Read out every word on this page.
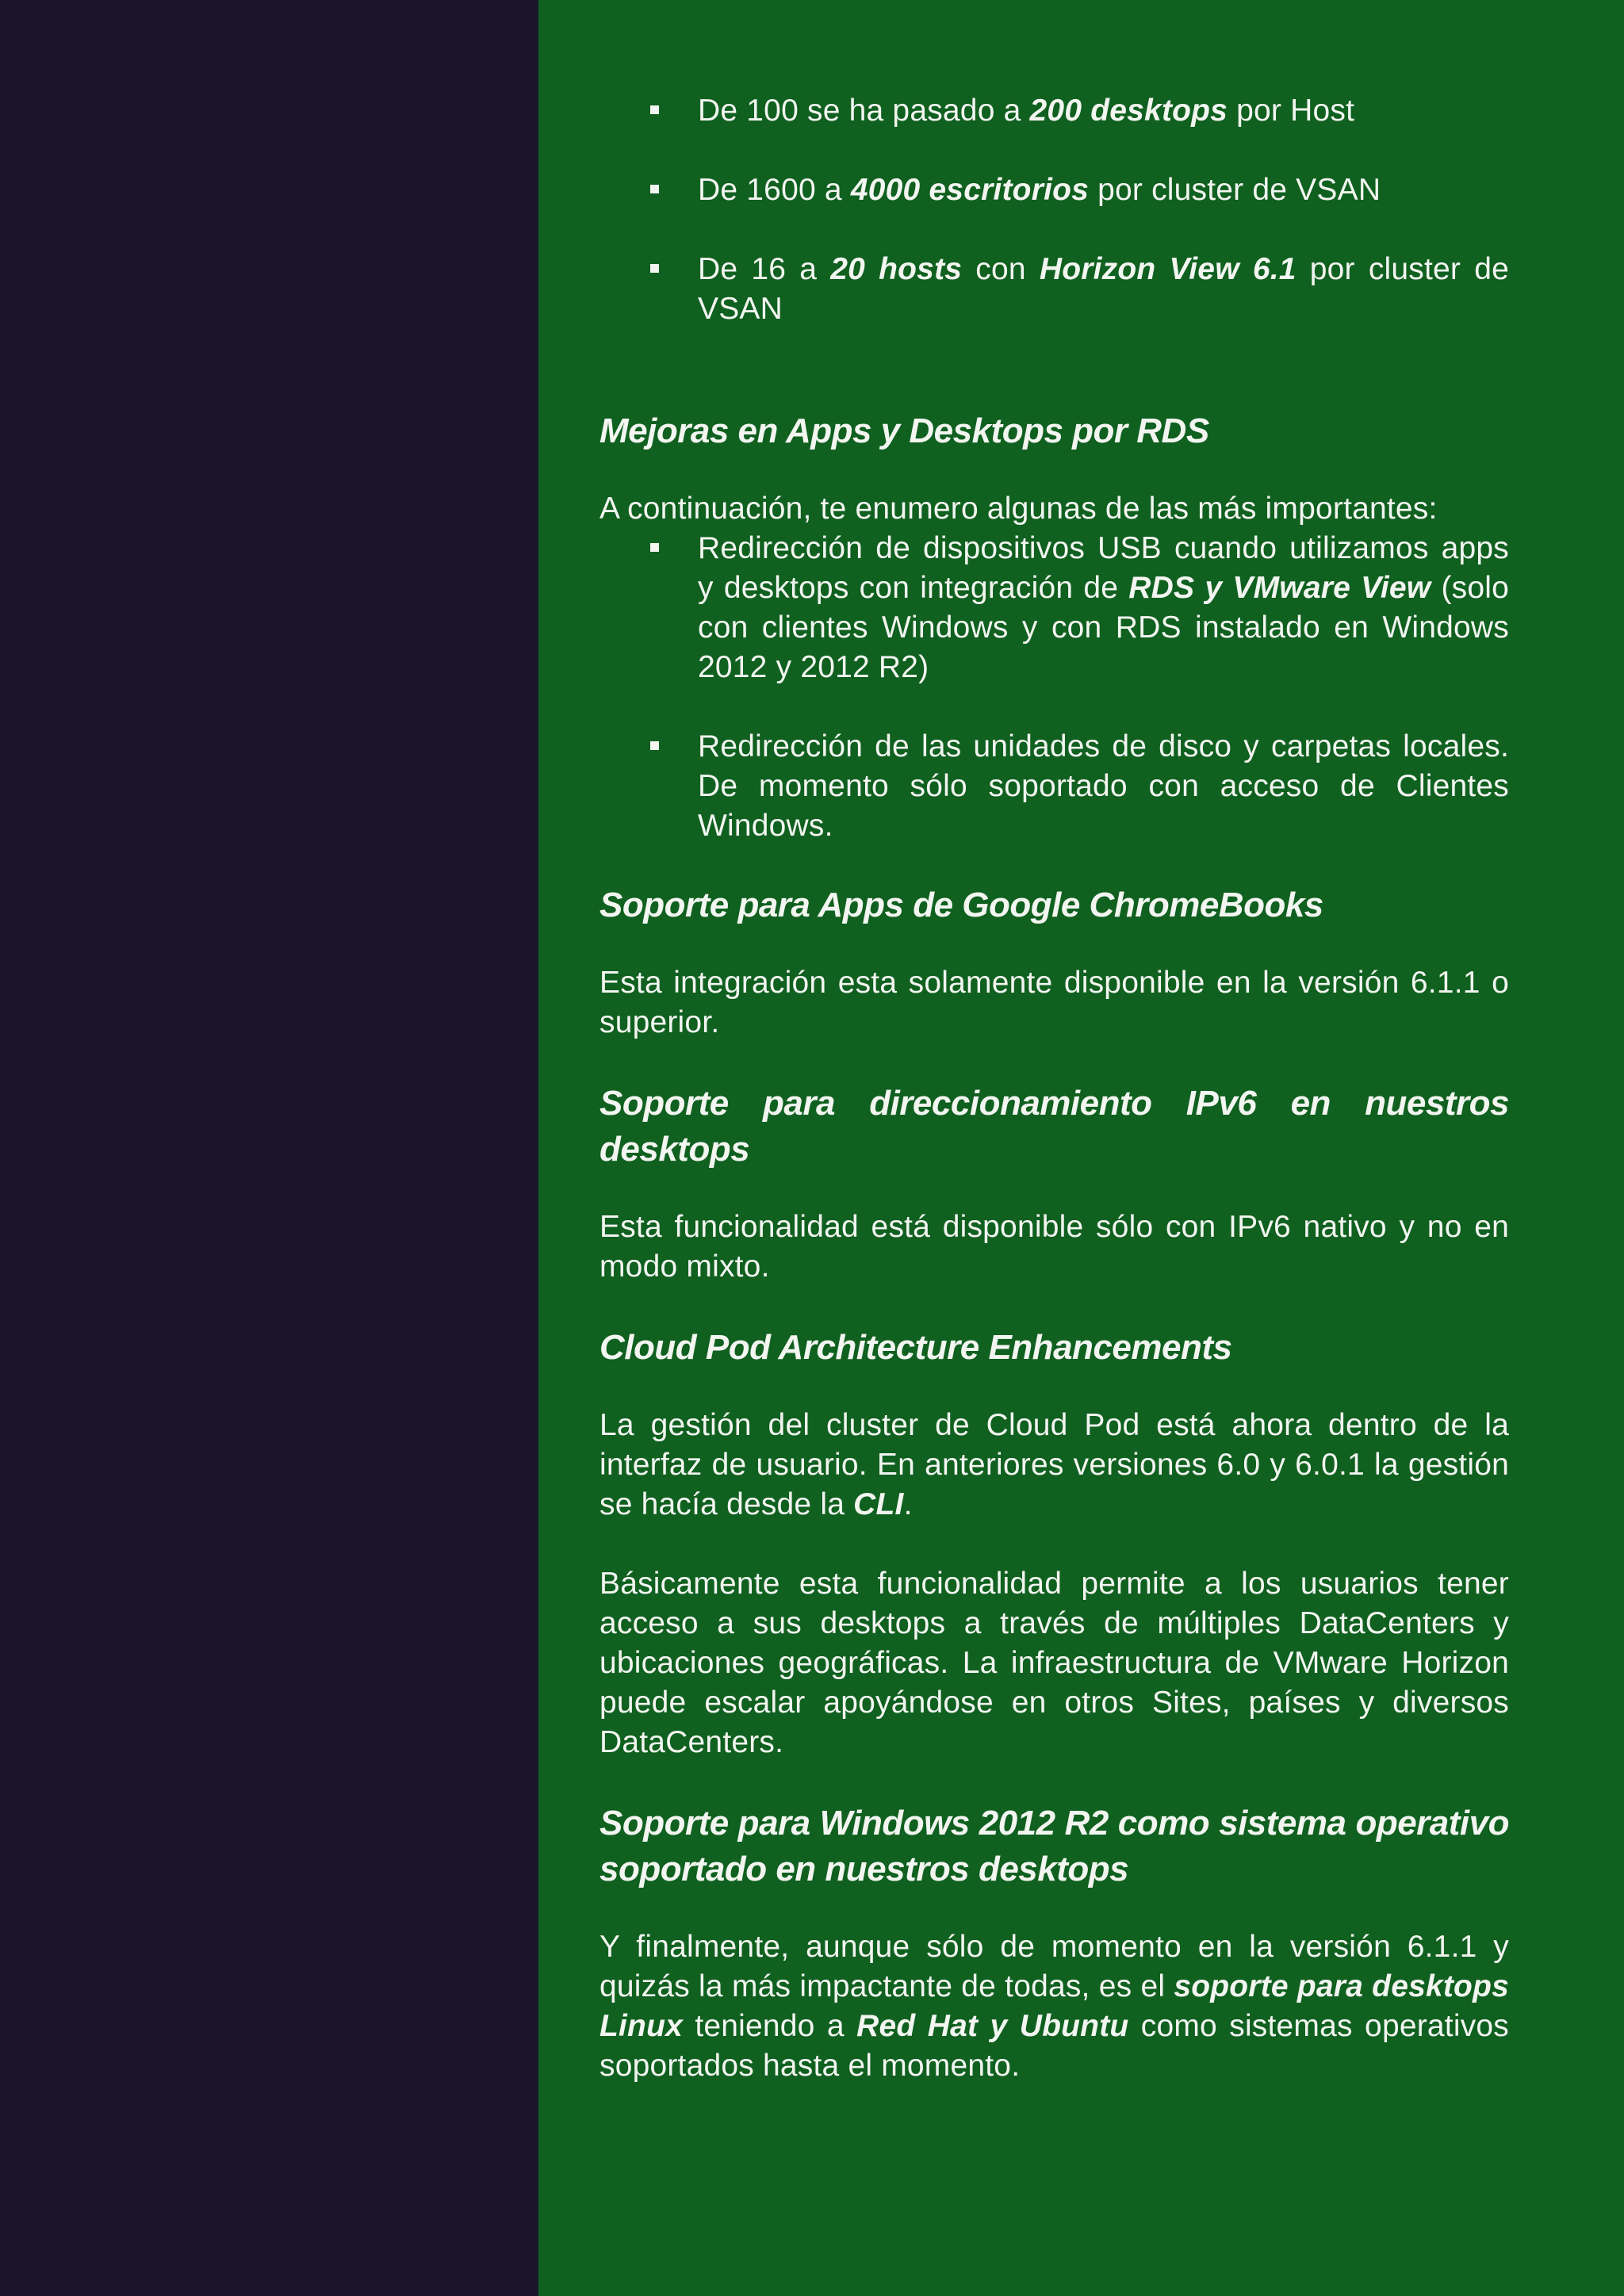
De 100 se ha pasado a 200 desktops por Host
De 1600 a 4000 escritorios por cluster de VSAN
De 16 a 20 hosts con Horizon View 6.1 por cluster de VSAN
Mejoras en Apps y Desktops por RDS

A continuación, te enumero algunas de las más importantes:

Redirección de dispositivos USB cuando utilizamos apps y desktops con integración de RDS y VMware View (solo con clientes Windows y con RDS instalado en Windows 2012 y 2012 R2)
Redirección de las unidades de disco y carpetas locales. De momento sólo soportado con acceso de Clientes Windows.
Soporte para Apps de Google ChromeBooks

Esta integración esta solamente disponible en la versión 6.1.1 o superior.

Soporte para direccionamiento IPv6 en nuestros desktops

Esta funcionalidad está disponible sólo con IPv6 nativo y no en modo mixto.

Cloud Pod Architecture Enhancements

La gestión del cluster de Cloud Pod está ahora dentro de la interfaz de usuario. En anteriores versiones 6.0 y 6.0.1 la gestión se hacía desde la CLI.

Básicamente esta funcionalidad permite a los usuarios tener acceso a sus desktops a través de múltiples DataCenters y ubicaciones geográficas. La infraestructura de VMware Horizon puede escalar apoyándose en otros Sites, países y diversos DataCenters.

Soporte para Windows 2012 R2 como sistema operativo soportado en nuestros desktops

Y finalmente, aunque sólo de momento en la versión 6.1.1 y quizás la más impactante de todas, es el soporte para desktops Linux teniendo a Red Hat y Ubuntu como sistemas operativos soportados hasta el momento.
